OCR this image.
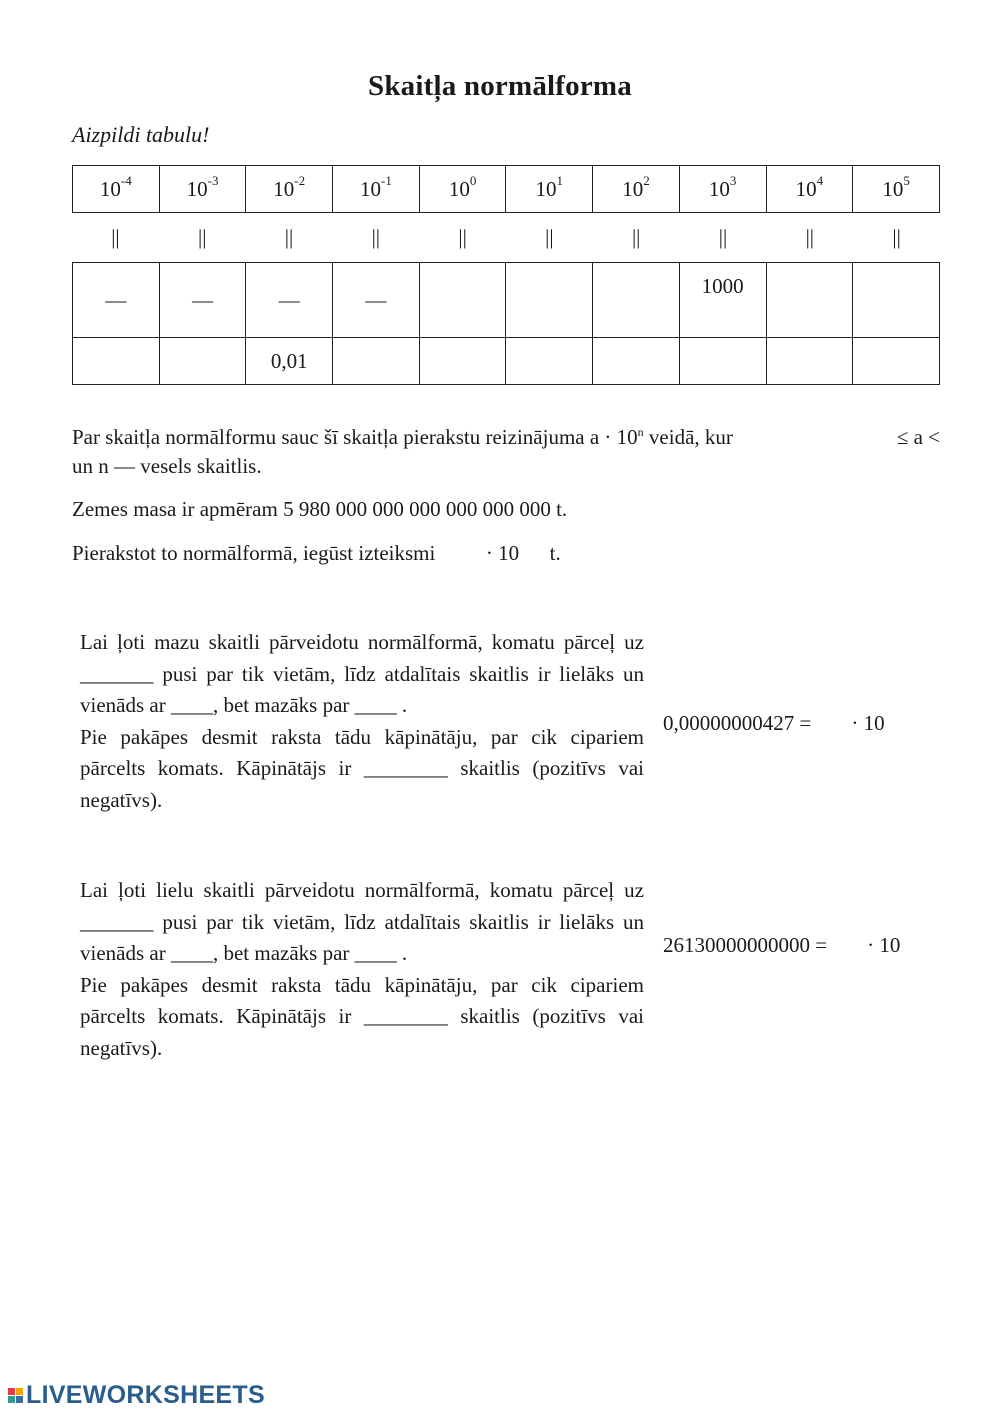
Skaitļa normālforma
Aizpildi tabulu!
$10^{-4}$	$10^{-3}$	$10^{-2}$	$10^{-1}$	$10^0$	$10^1$	$10^2$	$10^3$	$10^4$	$10^5$
||	||	||	||	||	||	||	||	||	||
—	—	—	—				1000		

		0,01							
Par skaitļa normālformu sauc šī skaitļa pierakstu reizinājuma $a \cdot 10^n$ veidā, kur	≤ a <
un n — vesels skaitlis.
Zemes masa ir apmēram 5 980 000 000 000 000 000 000 t.
Pierakstot to normālformā, iegūst izteiksmi · 10 t.

Lai ļoti mazu skaitli pārveidotu normālformā, komatu pārceļ uz _______ pusi par tik vietām, līdz atdalītais skaitlis ir lielāks un vienāds ar ____, bet mazāks par ____ .

Pie pakāpes desmit raksta tādu kāpinātāju, par cik cipariem pārcelts komats. Kāpinātājs ir ________ skaitlis (pozitīvs vai negatīvs).

0,00000000427 = · 10

Lai ļoti lielu skaitli pārveidotu normālformā, komatu pārceļ uz _______ pusi par tik vietām, līdz atdalītais skaitlis ir lielāks un vienāds ar ____, bet mazāks par ____ .

Pie pakāpes desmit raksta tādu kāpinātāju, par cik cipariem pārcelts komats. Kāpinātājs ir ________ skaitlis (pozitīvs vai negatīvs).

26130000000000 = · 10
LIVEWORKSHEETS
